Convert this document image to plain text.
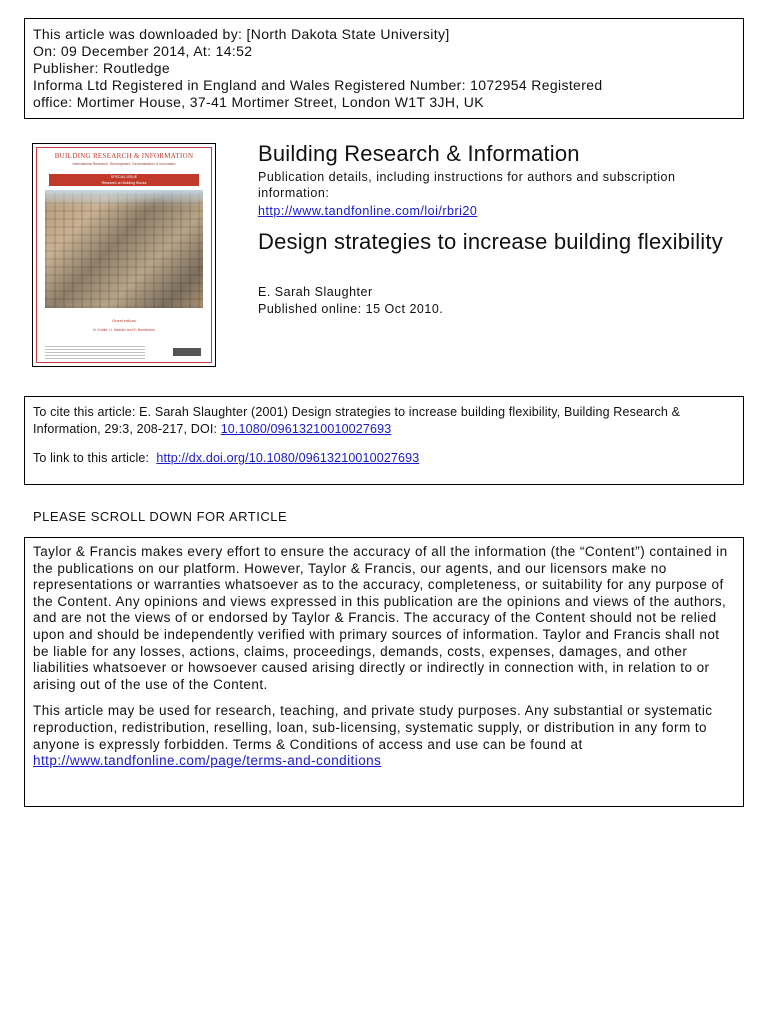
This article was downloaded by: [North Dakota State University]
On: 09 December 2014, At: 14:52
Publisher: Routledge
Informa Ltd Registered in England and Wales Registered Number: 1072954 Registered
office: Mortimer House, 37-41 Mortimer Street, London W1T 3JH, UK
BUILDING RESEARCH & INFORMATION
International Research, Development, Demonstration & Innovation
SPECIAL ISSUE
Research on Building Stocks
Guest editors
N. Kohler, U. Hassler and E. Henderson
Building Research & Information
Publication details, including instructions for authors and subscription information:
http://www.tandfonline.com/loi/rbri20
Design strategies to increase building flexibility
E. Sarah Slaughter
Published online: 15 Oct 2010.
To cite this article: E. Sarah Slaughter (2001) Design strategies to increase building flexibility, Building Research & Information, 29:3, 208-217, DOI: 10.1080/09613210010027693
To link to this article: http://dx.doi.org/10.1080/09613210010027693
PLEASE SCROLL DOWN FOR ARTICLE
Taylor & Francis makes every effort to ensure the accuracy of all the information (the “Content”) contained in the publications on our platform. However, Taylor & Francis, our agents, and our licensors make no representations or warranties whatsoever as to the accuracy, completeness, or suitability for any purpose of the Content. Any opinions and views expressed in this publication are the opinions and views of the authors, and are not the views of or endorsed by Taylor & Francis. The accuracy of the Content should not be relied upon and should be independently verified with primary sources of information. Taylor and Francis shall not be liable for any losses, actions, claims, proceedings, demands, costs, expenses, damages, and other liabilities whatsoever or howsoever caused arising directly or indirectly in connection with, in relation to or arising out of the use of the Content.
This article may be used for research, teaching, and private study purposes. Any substantial or systematic reproduction, redistribution, reselling, loan, sub-licensing, systematic supply, or distribution in any form to anyone is expressly forbidden. Terms & Conditions of access and use can be found at http://www.tandfonline.com/page/terms-and-conditions
